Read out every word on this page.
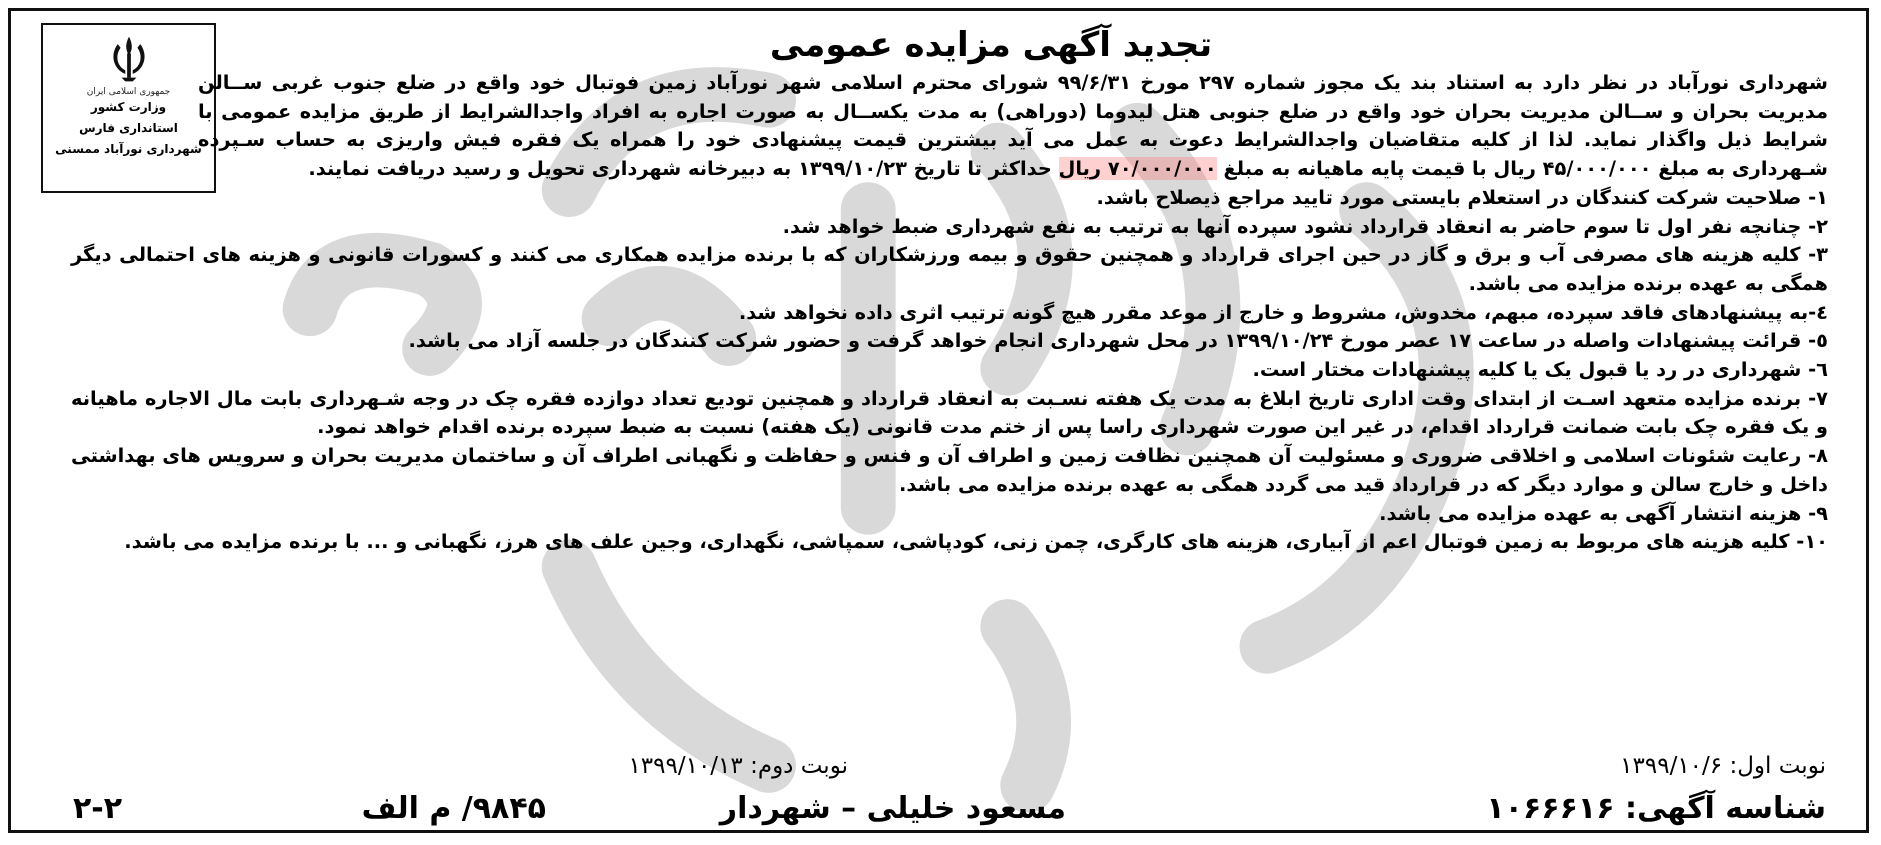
جمهوری اسلامی ایران
وزارت کشور
استانداری فارس
شهرداری نورآباد ممسنی
تجدید آگهی مزایده عمومی
شهرداری نورآباد در نظر دارد به استناد بند یک مجوز شماره ۲۹۷ مورخ ۹۹/۶/۳۱ شورای محترم اسلامی شهر نورآباد زمین فوتبال خود واقع در ضلع جنوب غربی ســالن مدیریت بحران و ســالن مدیریت بحران خود واقع در ضلع جنوبی هتل لیدوما (دوراهی) به مدت یکســال به صورت اجاره به افراد واجدالشرایط از طریق مزایده عمومی با شرایط ذیل واگذار نماید. لذا از کلیه متقاضیان واجدالشرایط دعوت به عمل می آید بیشترین قیمت پیشنهادی خود را همراه یک فقره فیش واریزی به حساب سـپرده شـهرداری به مبلغ ۴۵/۰۰۰/۰۰۰ ریال با قیمت پایه ماهیانه به مبلغ ۷۰/۰۰۰/۰۰۰ ریال حداکثر تا تاریخ ۱۳۹۹/۱۰/۲۳ به دبیرخانه شهرداری تحویل و رسید دریافت نمایند.
۱- صلاحیت شرکت کنندگان در استعلام بایستی مورد تایید مراجع ذیصلاح باشد.
۲- چنانچه نفر اول تا سوم حاضر به انعقاد قرارداد نشود سپرده آنها به ترتیب به نفع شهرداری ضبط خواهد شد.
۳- کلیه هزینه های مصرفی آب و برق و گاز در حین اجرای قرارداد و همچنین حقوق و بیمه ورزشکاران که با برنده مزایده همکاری می کنند و کسورات قانونی و هزینه های احتمالی دیگر همگی به عهده برنده مزایده می باشد.
٤-به پیشنهادهای فاقد سپرده، مبهم، مخدوش، مشروط و خارج از موعد مقرر هیچ گونه ترتیب اثری داده نخواهد شد.
٥- قرائت پیشنهادات واصله در ساعت ۱۷ عصر مورخ ۱۳۹۹/۱۰/۲۴ در محل شهرداری انجام خواهد گرفت و حضور شرکت کنندگان در جلسه آزاد می باشد.
٦- شهرداری در رد یا قبول یک یا کلیه پیشنهادات مختار است.
۷- برنده مزایده متعهد اسـت از ابتدای وقت اداری تاریخ ابلاغ به مدت یک هفته نسـبت به انعقاد قرارداد و همچنین تودیع تعداد دوازده فقره چک در وجه شـهرداری بابت مال الاجاره ماهیانه و یک فقره چک بابت ضمانت قرارداد اقدام، در غیر این صورت شهرداری راسا پس از ختم مدت قانونی (یک هفته) نسبت به ضبط سپرده برنده اقدام خواهد نمود.
۸- رعایت شئونات اسلامی و اخلاقی ضروری و مسئولیت آن همچنین نظافت زمین و اطراف آن و فنس و حفاظت و نگهبانی اطراف آن و ساختمان مدیریت بحران و سرویس های بهداشتی داخل و خارج سالن و موارد دیگر که در قرارداد قید می گردد همگی به عهده برنده مزایده می باشد.
۹- هزینه انتشار آگهی به عهده مزایده می باشد.
۱۰- کلیه هزینه های مربوط به زمین فوتبال اعم از آبیاری، هزینه های کارگری، چمن زنی، کودپاشی، سمپاشی، نگهداری، وجین علف های هرز، نگهبانی و ... با برنده مزایده می باشد.
نوبت اول: ۱۳۹۹/۱۰/۶
نوبت دوم: ۱۳۹۹/۱۰/۱۳
شناسه آگهی: ۱۰۶۶۶۱۶
مسعود خلیلی – شهردار
۹۸۴۵/ م الف
۲-۲
